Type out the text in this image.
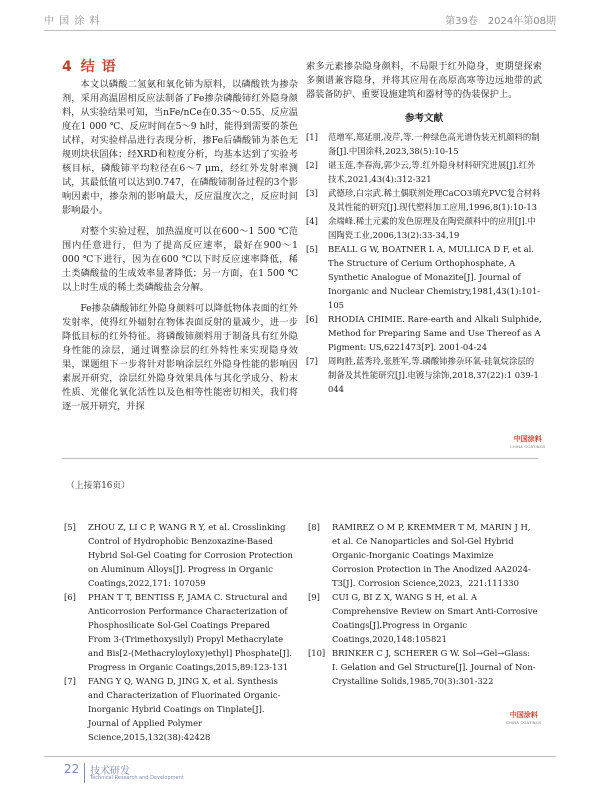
中 国 涂 料	第39卷　2024年第08期
4 结 语

本文以磷酸二氢氨和氧化铈为原料，以磷酸铁为掺杂剂，采用高温固相反应法制备了Fe掺杂磷酸铈红外隐身颜料，从实验结果可知，当nFe/nCe在0.35～0.55、反应温度在1 000 ℃、反应时间在5～9 h时，能得到需要的茶色试样，对实验样品进行表现分析，掺Fe后磷酸铈为茶色无规则块状固体；经XRD和粒度分析，均基本达到了实验考核目标，磷酸铈平均粒径在6～7 μm，经红外发射率测试，其最低值可以达到0.747，在磷酸铈制备过程的3个影响因素中，掺杂剂的影响最大，反应温度次之，反应时间影响最小。

对整个实验过程，加热温度可以在600～1 500 ℃范围内任意进行，但为了提高反应速率，最好在900～1 000 ℃下进行，因为在600 ℃以下时反应速率降低，稀土类磷酸盐的生成效率显著降低；另一方面，在1 500 ℃以上时生成的稀土类磷酸盐会分解。

Fe掺杂磷酸铈红外隐身颜料可以降低物体表面的红外发射率，使得红外辐射在物体表面反射的量减少，进一步降低目标的红外特征。将磷酸铈颜料用于制备具有红外隐身性能的涂层，通过调整涂层的红外特性来实现隐身效果，课题组下一步将针对影响涂层红外隐身性能的影响因素展开研究，涂层红外隐身效果具体与其化学成分、粉末性质、光催化氧化活性以及色相等性能密切相关，我们将逐一展开研究，并探

索多元素掺杂隐身颜料，不局限于红外隐身，更期望探索多频谱兼容隐身，并将其应用在高原高寒等边远地带的武器装备防护、重要设施建筑和器材等的伪装保护上。

参考文献
[1] 范增军,郑延朋,凌芹,等.一种绿色高光谱伪装无机颜料的制备[J].中国涂料,2023,38(5):10-15
[2] 谌玉莲,李春海,郭少云,等.红外隐身材料研究进展[J].红外技术,2021,43(4):312-321
[3] 武德珍,白宗武.稀土偶联剂处理CaCO3填充PVC复合材料及其性能的研究[J].现代塑料加工应用,1996,8(1):10-13
[4] 余端峰.稀土元素的发色原理及在陶瓷颜料中的应用[J].中国陶瓷工业,2006,13(2):33-34,19
[5] BEALL G W, BOATNER L A, MULLICA D F, et al. The Structure of Cerium Orthophosphate, A Synthetic Analogue of Monazite[J]. Journal of Inorganic and Nuclear Chemistry,1981,43(1):101-105
[6] RHODIA CHIMIE. Rare-earth and Alkali Sulphide, Method for Preparing Same and Use Thereof as A Pigment: US,6221473[P]. 2001-04-24
[7] 周昫胜,蓝秀玲,张胜军,等.磷酸铈掺杂环氧-硅氧烷涂层的制备及其性能研究[J].电镀与涂饰,2018,37(22):1 039-1 044
中国涂料
CHINA COATINGS
（上接第16页）
[5] ZHOU Z, LI C P, WANG R Y, et al. Crosslinking Control of Hydrophobic Benzoxazine-Based Hybrid Sol-Gel Coating for Corrosion Protection on Aluminum Alloys[J]. Progress in Organic Coatings,2022,171: 107059
[6] PHAN T T, BENTISS F, JAMA C. Structural and Anticorrosion Performance Characterization of Phosphosilicate Sol-Gel Coatings Prepared From 3-(Trimethoxysilyl) Propyl Methacrylate and Bis[2-(Methacryloyloxy)ethyl] Phosphate[J]. Progress in Organic Coatings,2015,89:123-131
[7] FANG Y Q, WANG D, JING X, et al. Synthesis and Characterization of Fluorinated Organic-Inorganic Hybrid Coatings on Tinplate[J]. Journal of Applied Polymer Science,2015,132(38):42428
[8] RAMIREZ O M P, KREMMER T M, MARIN J H, et al. Ce Nanoparticles and Sol-Gel Hybrid Organic-Inorganic Coatings Maximize Corrosion Protection in The Anodized AA2024-T3[J]. Corrosion Science,2023，221:111330
[9] CUI G, BI Z X, WANG S H, et al. A Comprehensive Review on Smart Anti-Corrosive Coatings[J].Progress in Organic Coatings,2020,148:105821
[10] BRINKER C J, SCHERER G W. Sol→Gel→Glass: I. Gelation and Gel Structure[J]. Journal of Non-Crystalline Solids,1985,70(3):301-322
中国涂料
CHINA COATINGS
22 技术研发
Technical Research and Development
